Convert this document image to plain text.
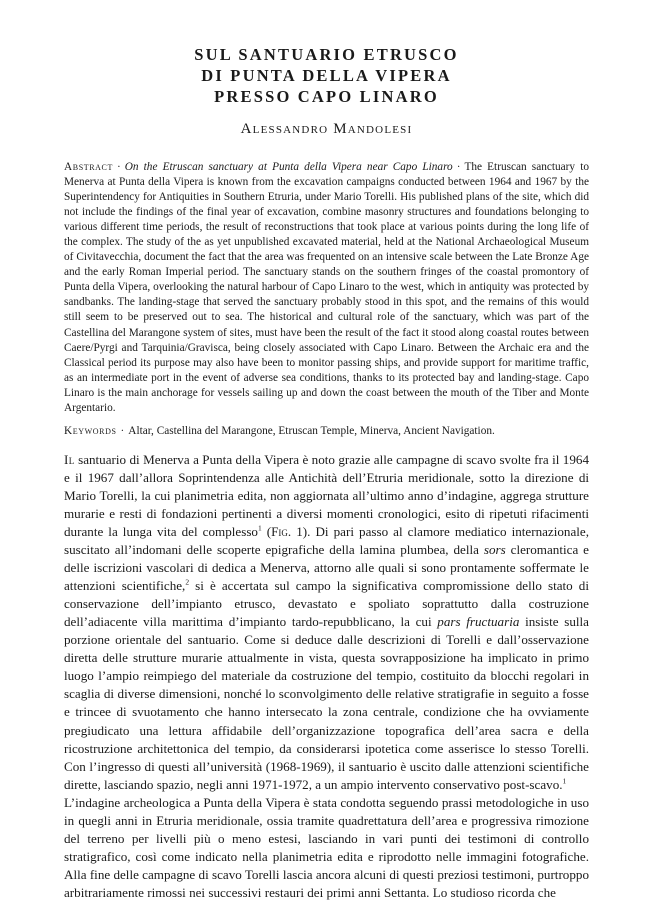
SUL SANTUARIO ETRUSCO
DI PUNTA DELLA VIPERA
PRESSO CAPO LINARO
Alessandro Mandolesi
Abstract · On the Etruscan sanctuary at Punta della Vipera near Capo Linaro · The Etruscan sanctuary to Menerva at Punta della Vipera is known from the excavation campaigns conducted between 1964 and 1967 by the Superintendency for Antiquities in Southern Etruria, under Mario Torelli. His published plans of the site, which did not include the findings of the final year of excavation, combine masonry structures and foundations belonging to various different time periods, the result of reconstructions that took place at various points during the long life of the complex. The study of the as yet unpublished excavated material, held at the National Archaeological Museum of Civitavecchia, document the fact that the area was frequented on an intensive scale between the Late Bronze Age and the early Roman Imperial period. The sanctuary stands on the southern fringes of the coastal promontory of Punta della Vipera, overlooking the natural harbour of Capo Linaro to the west, which in antiquity was protected by sandbanks. The landing-stage that served the sanctuary probably stood in this spot, and the remains of this would still seem to be preserved out to sea. The historical and cultural role of the sanctuary, which was part of the Castellina del Marangone system of sites, must have been the result of the fact it stood along coastal routes between Caere/Pyrgi and Tarquinia/Gravisca, being closely associated with Capo Linaro. Between the Archaic era and the Classical period its purpose may also have been to monitor passing ships, and provide support for maritime traffic, as an intermediate port in the event of adverse sea conditions, thanks to its protected bay and landing-stage. Capo Linaro is the main anchorage for vessels sailing up and down the coast between the mouth of the Tiber and Monte Argentario.
Keywords · Altar, Castellina del Marangone, Etruscan Temple, Minerva, Ancient Navigation.

Il santuario di Menerva a Punta della Vipera è noto grazie alle campagne di scavo svolte fra il 1964 e il 1967 dall’allora Soprintendenza alle Antichità dell’Etruria meridionale, sotto la direzione di Mario Torelli, la cui planimetria edita, non aggiornata all’ultimo anno d’indagine, aggrega strutture murarie e resti di fondazioni pertinenti a diversi momenti cronologici, esito di ripetuti rifacimenti durante la lunga vita del complesso$^1$ (Fig. 1). Di pari passo al clamore mediatico internazionale, suscitato all’indomani delle scoperte epigrafiche della lamina plumbea, della sors cleromantica e delle iscrizioni vascolari di dedica a Menerva, attorno alle quali si sono prontamente soffermate le attenzioni scientifiche,$^2$ si è accertata sul campo la significativa compromissione dello stato di conservazione dell’impianto etrusco, devastato e spoliato soprattutto dalla costruzione dell’adiacente villa marittima d’impianto tardo-repubblicano, la cui pars fructuaria insiste sulla porzione orientale del santuario. Come si deduce dalle descrizioni di Torelli e dall’osservazione diretta delle strutture murarie attualmente in vista, questa sovrapposizione ha implicato in primo luogo l’ampio reimpiego del materiale da costruzione del tempio, costituito da blocchi regolari in scaglia di diverse dimensioni, nonché lo sconvolgimento delle relative stratigrafie in seguito a fosse e trincee di svuotamento che hanno intersecato la zona centrale, condizione che ha ovviamente pregiudicato una lettura affidabile dell’organizzazione topografica dell’area sacra e della ricostruzione architettonica del tempio, da considerarsi ipotetica come asserisce lo stesso Torelli. Con l’ingresso di questi all’università (1968-1969), il santuario è uscito dalle attenzioni scientifiche dirette, lasciando spazio, negli anni 1971-1972, a un ampio intervento conservativo post-scavo.$^1$

L’indagine archeologica a Punta della Vipera è stata condotta seguendo prassi metodologiche in uso in quegli anni in Etruria meridionale, ossia tramite quadrettatura dell’area e progressiva rimozione del terreno per livelli più o meno estesi, lasciando in vari punti dei testimoni di controllo stratigrafico, così come indicato nella planimetria edita e riprodotto nelle immagini fotografiche. Alla fine delle campagne di scavo Torelli lascia ancora alcuni di questi preziosi testimoni, purtroppo arbitrariamente rimossi nei successivi restauri dei primi anni Settanta. Lo studioso ricorda che
